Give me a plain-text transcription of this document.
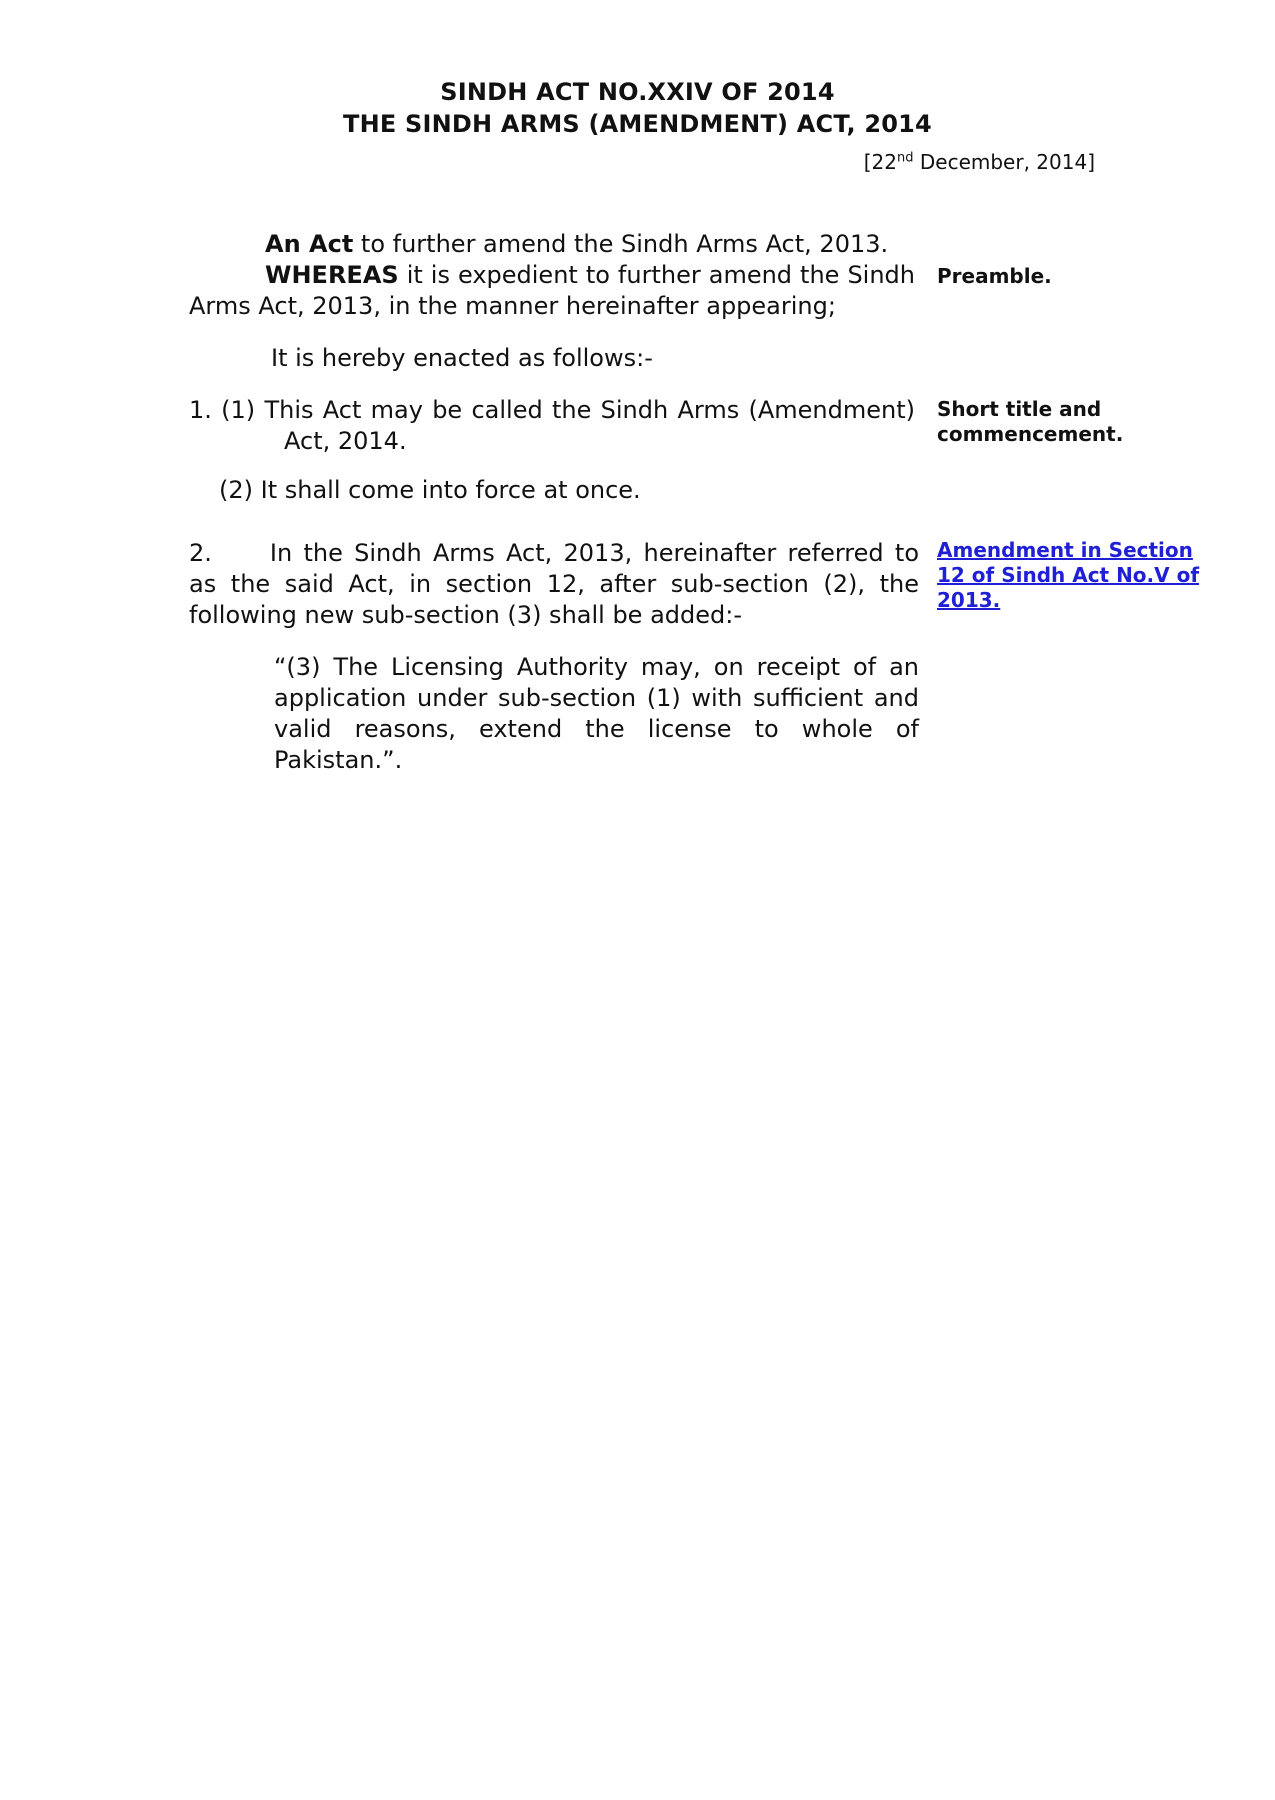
SINDH ACT NO.XXIV OF 2014
THE SINDH ARMS (AMENDMENT) ACT, 2014
[22nd December, 2014]
An Act to further amend the Sindh Arms Act, 2013.
WHEREAS it is expedient to further amend the Sindh Arms Act, 2013, in the manner hereinafter appearing;
Preamble.
It is hereby enacted as follows:-
1. (1) This Act may be called the Sindh Arms (Amendment)
Act, 2014.
Short title and
commencement.
(2) It shall come into force at once.
2. In the Sindh Arms Act, 2013, hereinafter referred to as the said Act, in section 12, after sub-section (2), the following new sub-section (3) shall be added:-
Amendment in Section
12 of Sindh Act No.V of
2013.
“(3) The Licensing Authority may, on receipt of an application under sub-section (1) with sufficient and valid reasons, extend the license to whole of Pakistan.”.
